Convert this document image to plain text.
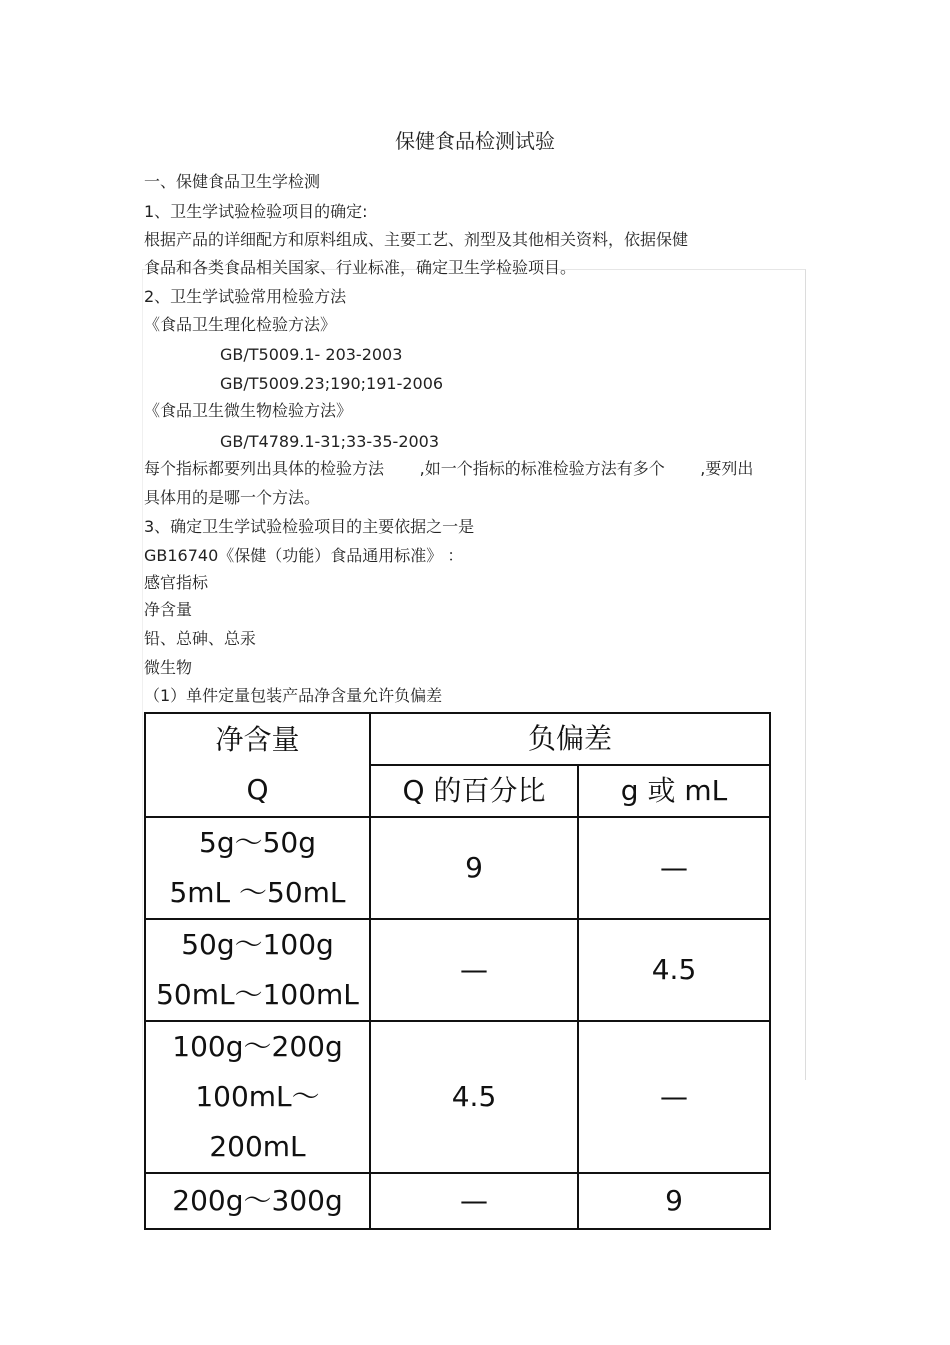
保健食品检测试验
一、保健食品卫生学检测
1、卫生学试验检验项目的确定:
根据产品的详细配方和原料组成、主要工艺、剂型及其他相关资料，依据保健
食品和各类食品相关国家、行业标准，确定卫生学检验项目。
2、卫生学试验常用检验方法
《食品卫生理化检验方法》
GB/T5009.1- 203-2003
GB/T5009.23;190;191-2006
《食品卫生微生物检验方法》
GB/T4789.1-31;33-35-2003
每个指标都要列出具体的检验方法       ,如一个指标的标准检验方法有多个       ,要列出
具体用的是哪一个方法。
3、确定卫生学试验检验项目的主要依据之一是
GB16740《保健（功能）食品通用标准》 ：
感官指标
净含量
铅、总砷、总汞
微生物
（1）单件定量包装产品净含量允许负偏差
净含量
Q	负偏差	
	Q 的百分比	g 或 mL

5g～50g
5mL ～50mL	9	—

50g～100g
50mL～100mL	—	4.5

100g～200g
100mL～
200mL	4.5	—

200g～300g	—	9
